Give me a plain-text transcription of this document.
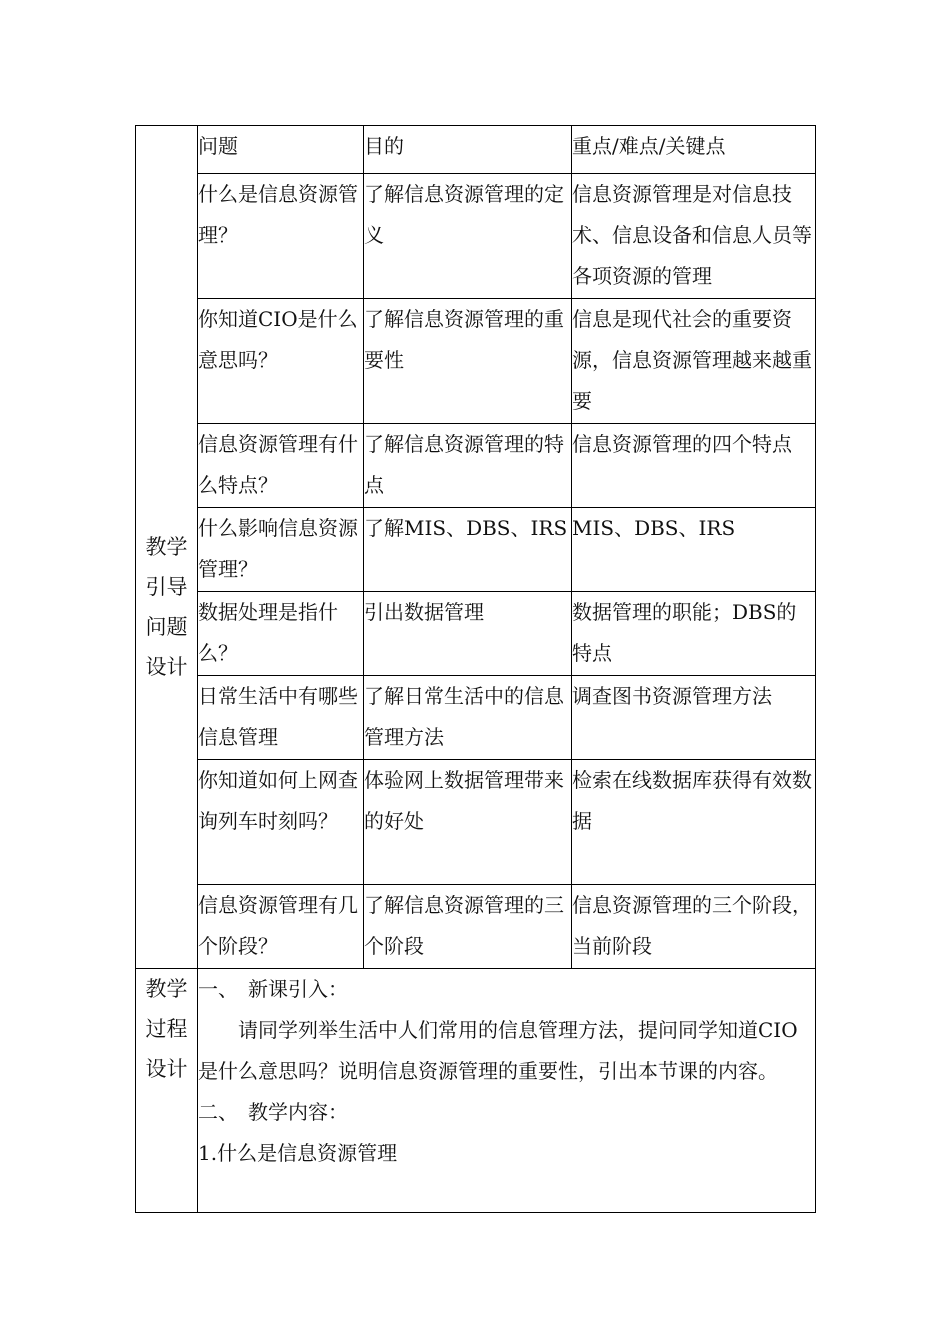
教学引导问题设计	问题	目的	重点/难点/关键点
	什么是信息资源管理？	了解信息资源管理的定义	信息资源管理是对信息技术、信息设备和信息人员等各项资源的管理
	你知道CIO是什么意思吗？	了解信息资源管理的重要性	信息是现代社会的重要资源，信息资源管理越来越重要
	信息资源管理有什么特点？	了解信息资源管理的特点	信息资源管理的四个特点
	什么影响信息资源管理？	了解MIS、DBS、IRS	MIS、DBS、IRS
	数据处理是指什么？	引出数据管理	数据管理的职能；DBS的特点
	日常生活中有哪些信息管理	了解日常生活中的信息管理方法	调查图书资源管理方法
	你知道如何上网查询列车时刻吗？	体验网上数据管理带来的好处	检索在线数据库获得有效数据
	信息资源管理有几个阶段？	了解信息资源管理的三个阶段	信息资源管理的三个阶段，当前阶段
教学过程设计	一、　新课引入：

请同学列举生活中人们常用的信息管理方法，提问同学知道CIO是什么意思吗？说明信息资源管理的重要性，引出本节课的内容。

二、　教学内容：

1.什么是信息资源管理		
